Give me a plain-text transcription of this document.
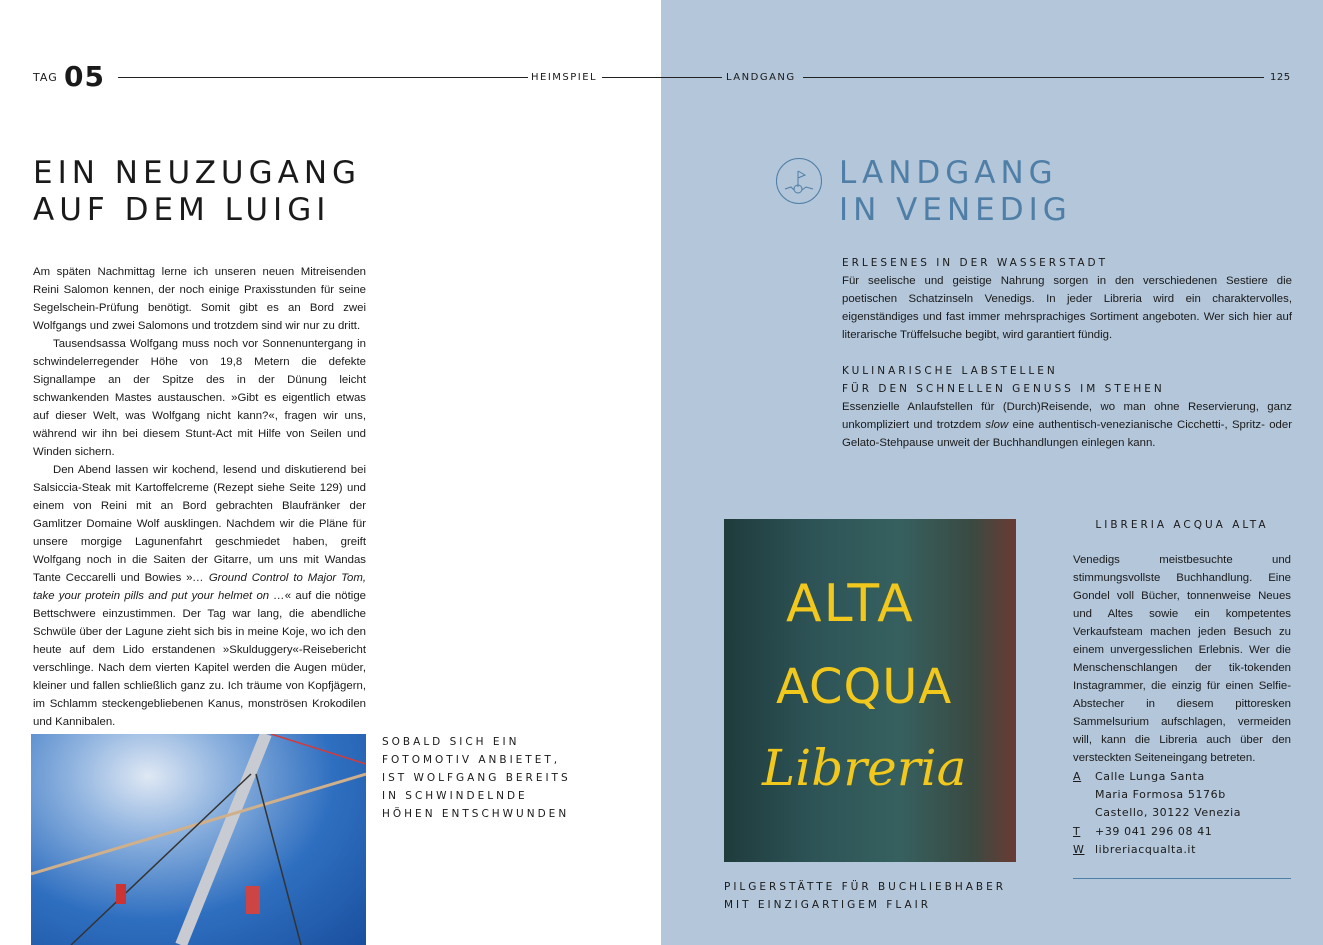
TAG 05	HEIMSPIEL	LANDGANG	125
EIN NEUZUGANG
AUF DEM LUIGI

Am späten Nachmittag lerne ich unseren neuen Mitreisenden Reini Salomon kennen, der noch einige Praxisstunden für seine Segelschein-Prüfung benötigt. Somit gibt es an Bord zwei Wolfgangs und zwei Salomons und trotzdem sind wir nur zu dritt.

Tausendsassa Wolfgang muss noch vor Sonnenuntergang in schwindelerregender Höhe von 19,8 Metern die defekte Signallampe an der Spitze des in der Dünung leicht schwankenden Mastes austauschen. »Gibt es eigentlich etwas auf dieser Welt, was Wolfgang nicht kann?«, fragen wir uns, während wir ihn bei diesem Stunt-Act mit Hilfe von Seilen und Winden sichern.

Den Abend lassen wir kochend, lesend und diskutierend bei Salsiccia-Steak mit Kartoffelcreme (Rezept siehe Seite 129) und einem von Reini mit an Bord gebrachten Blaufränker der Gamlitzer Domaine Wolf ausklingen. Nachdem wir die Pläne für unsere morgige Lagunenfahrt geschmiedet haben, greift Wolfgang noch in die Saiten der Gitarre, um uns mit Wandas Tante Ceccarelli und Bowies »… Ground Control to Major Tom, take your protein pills and put your helmet on …« auf die nötige Bettschwere einzustimmen. Der Tag war lang, die abendliche Schwüle über der Lagune zieht sich bis in meine Koje, wo ich den heute auf dem Lido erstandenen »Skulduggery«-Reisebericht verschlinge. Nach dem vierten Kapitel werden die Augen müder, kleiner und fallen schließlich ganz zu. Ich träume von Kopfjägern, im Schlamm steckengebliebenen Kanus, monströsen Krokodilen und Kannibalen.

SOBALD SICH EIN
FOTOMOTIV ANBIETET,
IST WOLFGANG BEREITS
IN SCHWINDELNDE
HÖHEN ENTSCHWUNDEN
LANDGANG
IN VENEDIG
ERLESENES IN DER WASSERSTADT
Für seelische und geistige Nahrung sorgen in den verschiedenen Sestiere die poetischen Schatzinseln Venedigs. In jeder Libreria wird ein charaktervolles, eigenständiges und fast immer mehrsprachiges Sortiment angeboten. Wer sich hier auf literarische Trüffelsuche begibt, wird garantiert fündig.
KULINARISCHE LABSTELLEN
FÜR DEN SCHNELLEN GENUSS IM STEHEN
Essenzielle Anlaufstellen für (Durch)Reisende, wo man ohne Reservierung, ganz unkompliziert und trotzdem slow eine authentisch-venezianische Cicchetti-, Spritz- oder Gelato-Stehpause unweit der Buchhandlungen einlegen kann.
ALTA
ACQUA
Libreria
PILGERSTÄTTE FÜR BUCHLIEBHABER
MIT EINZIGARTIGEM FLAIR
LIBRERIA ACQUA ALTA
Venedigs meistbesuchte und stimmungsvollste Buchhandlung. Eine Gondel voll Bücher, tonnenweise Neues und Altes sowie ein kompetentes Verkaufsteam machen jeden Besuch zu einem unvergesslichen Erlebnis. Wer die Menschenschlangen der tik-tokenden Instagrammer, die einzig für einen Selfie-Abstecher in diesem pittoresken Sammelsurium aufschlagen, vermeiden will, kann die Libreria auch über den versteckten Seiteneingang betreten.
A Calle Lunga Santa
Maria Formosa 5176b
Castello, 30122 Venezia
T +39 041 296 08 41
W libreriacqualta.it
